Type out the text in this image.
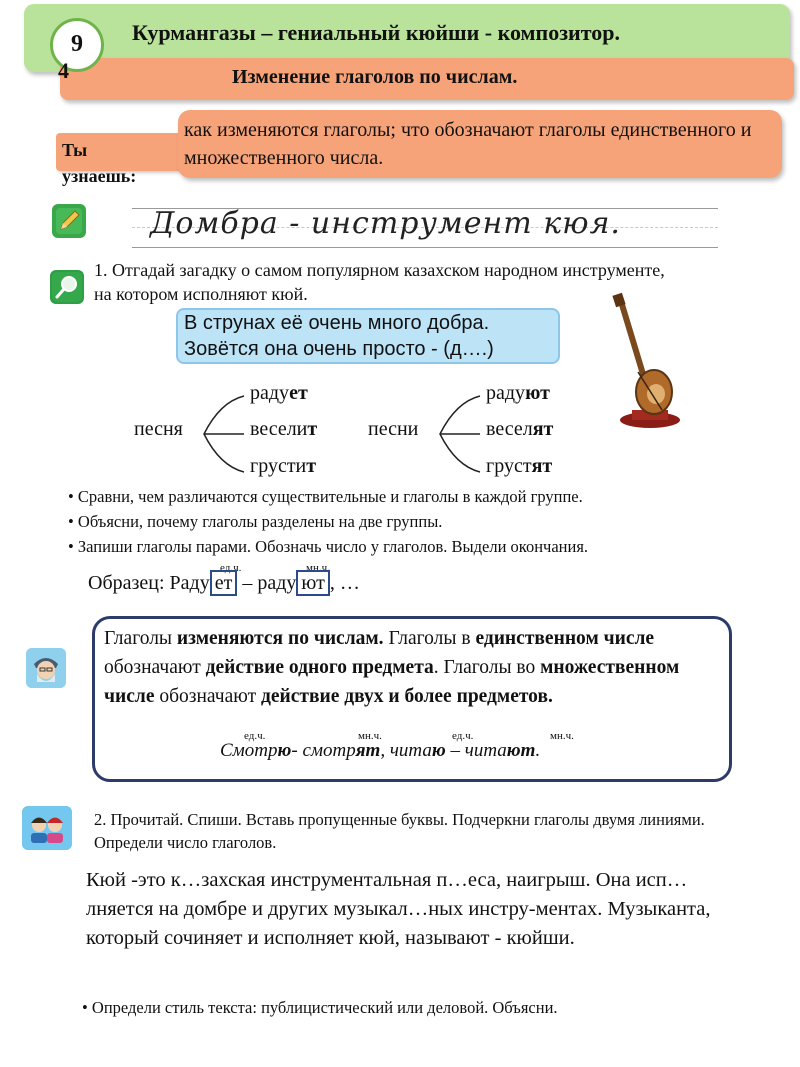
Курмангазы – гениальный кюйши - композитор.
Изменение глаголов по числам.
9
4
Ты
узнаешь:
как изменяются глаголы; что обозначают глаголы единственного и множественного числа.
Домбра - инструмент кюя.
1. Отгадай загадку о самом популярном казахском народном инструменте, на котором исполняют кюй.
В струнах её очень много добра.
Зовётся она очень просто - (д….)
песня
радует
веселит
грустит
песни
радуют
веселят
грустят
• Сравни, чем различаются существительные и глаголы в каждой группе.
• Объясни, почему глаголы разделены на две группы.
• Запиши глаголы парами. Обозначь число у глаголов. Выдели окончания.
ед.ч.	мн.ч.
Образец: Раду ет – раду ют , …
Глаголы изменяются по числам. Глаголы в единственном числе обозначают действие одного предмета. Глаголы во множественном числе обозначают действие двух и более предметов.
ед.ч.	мн.ч.	ед.ч.	мн.ч.
Смотрю- смотрят, читаю – читают.
2. Прочитай. Спиши. Вставь пропущенные буквы. Подчеркни глаголы двумя линиями. Определи число глаголов.
Кюй -это к…захская инструментальная п…еса, наигрыш. Она исп…лняется на домбре и других музыкал…ных инстру-ментах. Музыканта, который сочиняет и исполняет кюй, называют - кюйши.
• Определи стиль текста: публицистический или деловой. Объясни.
